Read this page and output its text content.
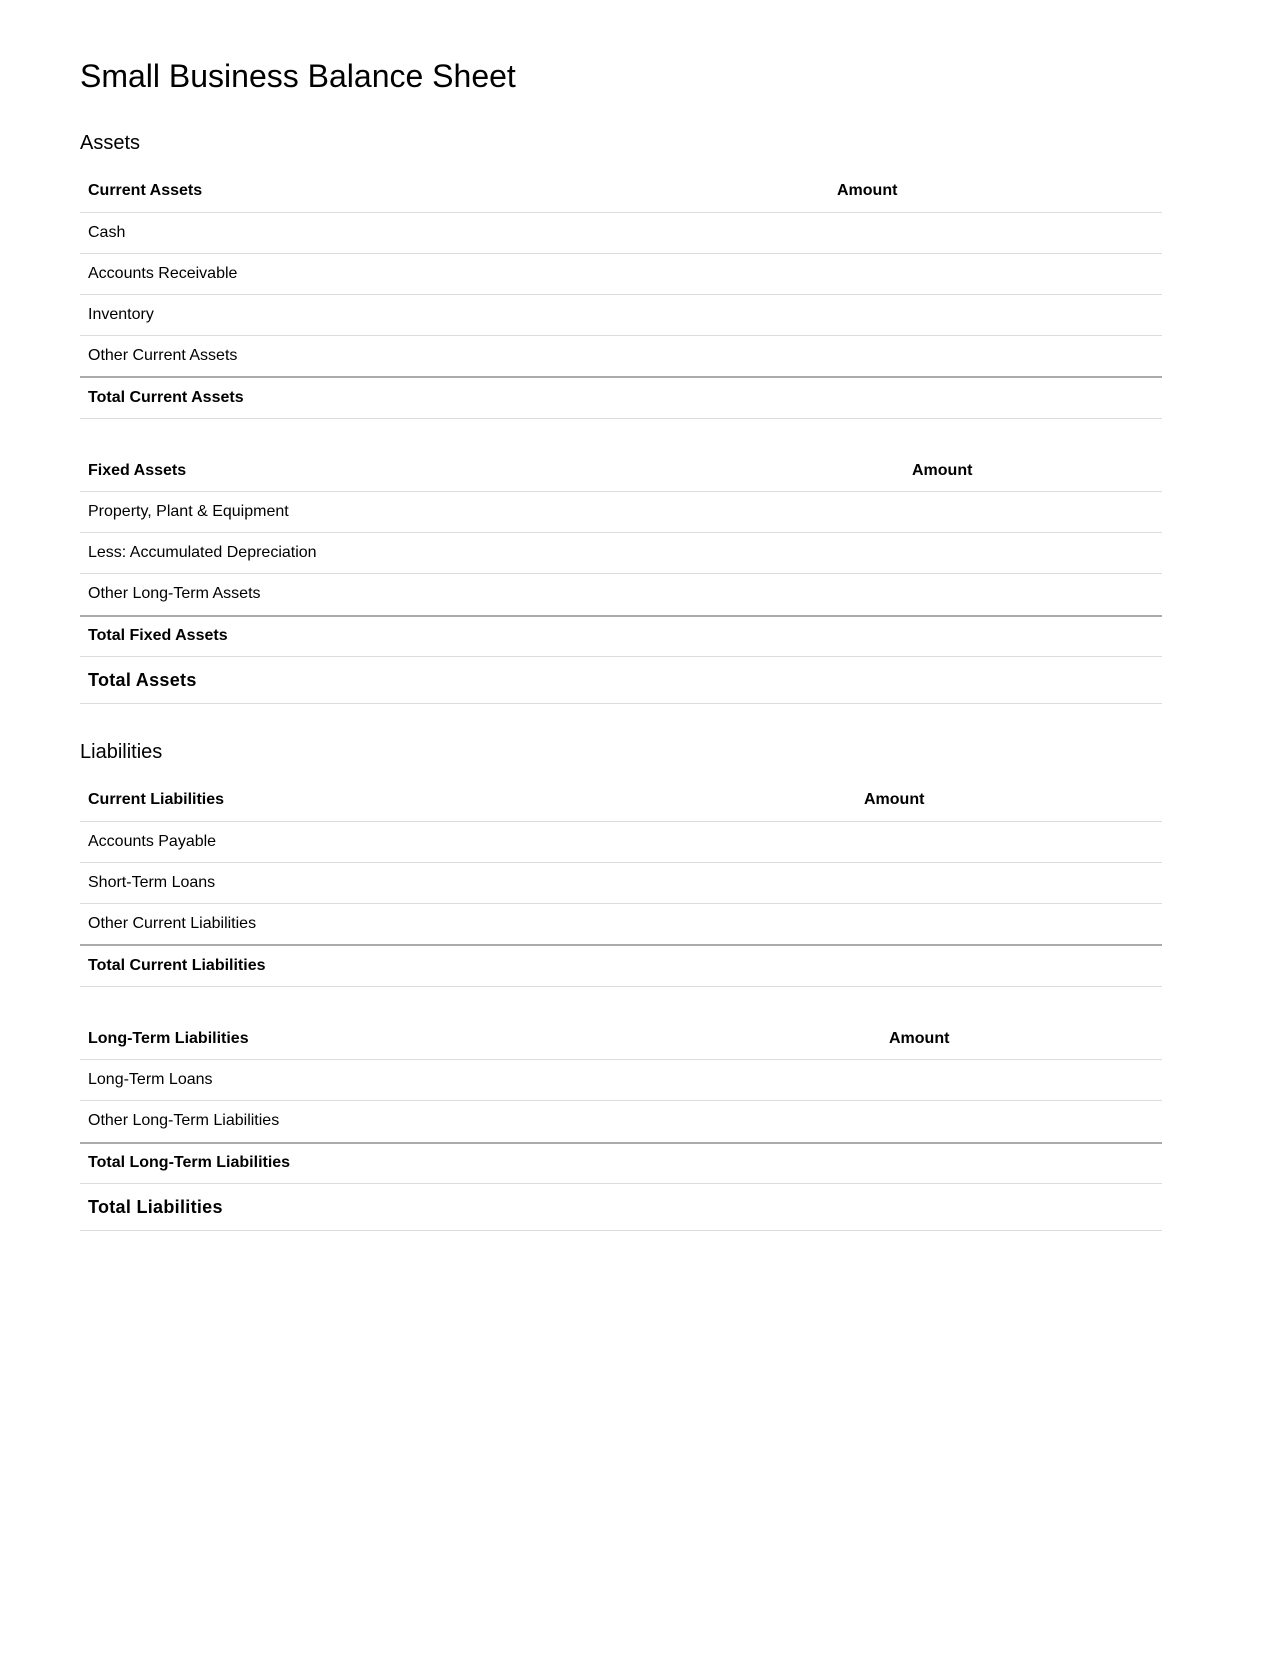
Small Business Balance Sheet
Assets
Current Assets	Amount
Cash	
Accounts Receivable	
Inventory	
Other Current Assets	
Total Current Assets	
Fixed Assets	Amount
Property, Plant & Equipment	
Less: Accumulated Depreciation	
Other Long-Term Assets	
Total Fixed Assets	
Total Assets	
Liabilities
Current Liabilities	Amount
Accounts Payable	
Short-Term Loans	
Other Current Liabilities	
Total Current Liabilities	
Long-Term Liabilities	Amount
Long-Term Loans	
Other Long-Term Liabilities	
Total Long-Term Liabilities	
Total Liabilities	
